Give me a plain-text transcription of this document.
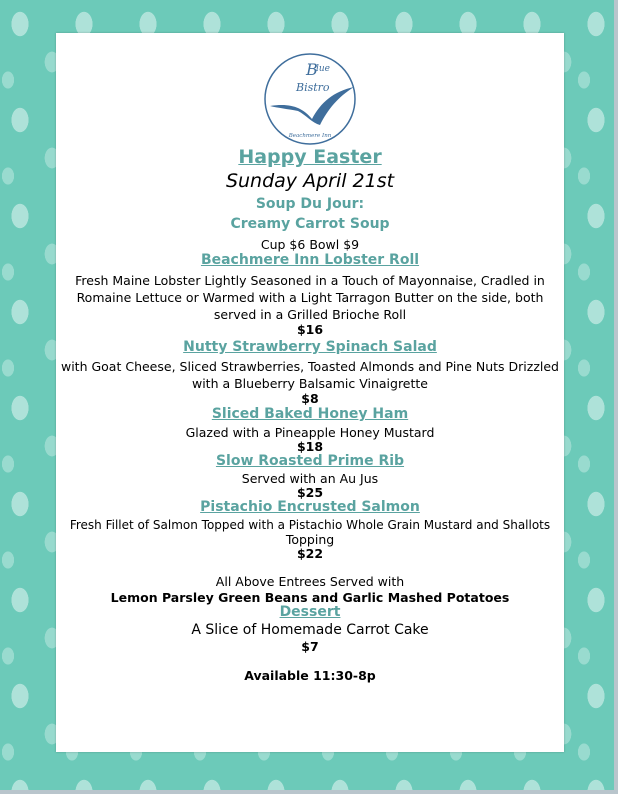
B
lue
Bistro
Beachmere Inn
Happy Easter
Sunday April 21st
Soup Du Jour:
Creamy Carrot Soup
Cup $6 Bowl $9
Beachmere Inn Lobster Roll
Fresh Maine Lobster Lightly Seasoned in a Touch of Mayonnaise, Cradled in
Romaine Lettuce or Warmed with a Light Tarragon Butter on the side, both
served in a Grilled Brioche Roll
$16
Nutty Strawberry Spinach Salad
with Goat Cheese, Sliced Strawberries, Toasted Almonds and Pine Nuts Drizzled
with a Blueberry Balsamic Vinaigrette
$8
Sliced Baked Honey Ham
Glazed with a Pineapple Honey Mustard
$18
Slow Roasted Prime Rib
Served with an Au Jus
$25
Pistachio Encrusted Salmon
Fresh Fillet of Salmon Topped with a Pistachio Whole Grain Mustard and Shallots
Topping
$22
All Above Entrees Served with
Lemon Parsley Green Beans and Garlic Mashed Potatoes
Dessert
A Slice of Homemade Carrot Cake
$7
Available 11:30-8p
